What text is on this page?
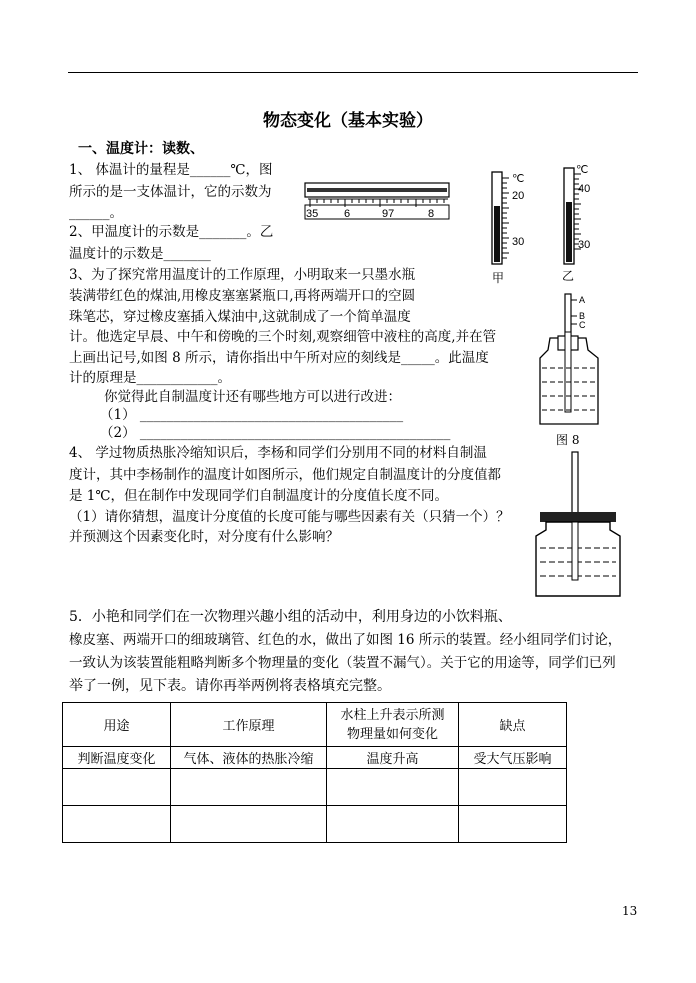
物态变化（基本实验）
一、温度计：读数、
1、 体温计的量程是______℃，图
所示的是一支体温计，它的示数为
______。
2、甲温度计的示数是_______。乙
温度计的示数是_______
3、为了探究常用温度计的工作原理，小明取来一只墨水瓶
装满带红色的煤油,用橡皮塞塞紧瓶口,再将两端开口的空圆
珠笔芯，穿过橡皮塞插入煤油中,这就制成了一个简单温度
计。他选定早晨、中午和傍晚的三个时刻,观察细管中液柱的高度,并在管
上画出记号,如图 8 所示，请你指出中午所对应的刻线是_____。此温度
计的原理是____________。
你觉得此自制温度计还有哪些地方可以进行改进：
（1） _______________________________________
（2） ______________________________________________
4、 学过物质热胀冷缩知识后，李杨和同学们分别用不同的材料自制温
度计，其中李杨制作的温度计如图所示，他们规定自制温度计的分度值都
是 1℃，但在制作中发现同学们自制温度计的分度值长度不同。
（1）请你猜想，温度计分度值的长度可能与哪些因素有关（只猜一个）？
并预测这个因素变化时，对分度有什么影响？
5．小艳和同学们在一次物理兴趣小组的活动中，利用身边的小饮料瓶、
橡皮塞、两端开口的细玻璃管、红色的水，做出了如图 16 所示的装置。经小组同学们讨论，
一致认为该装置能粗略判断多个物理量的变化（装置不漏气）。关于它的用途等，同学们已列
举了一例，见下表。请你再举两例将表格填充完整。
35 6	97	8
℃
20
30
甲
℃
40
30
乙
A
B
C
图 8
用途	工作原理	水柱上升表示所测
物理量如何变化	缺点
判断温度变化	气体、液体的热胀冷缩	温度升高	受大气压影响

13
